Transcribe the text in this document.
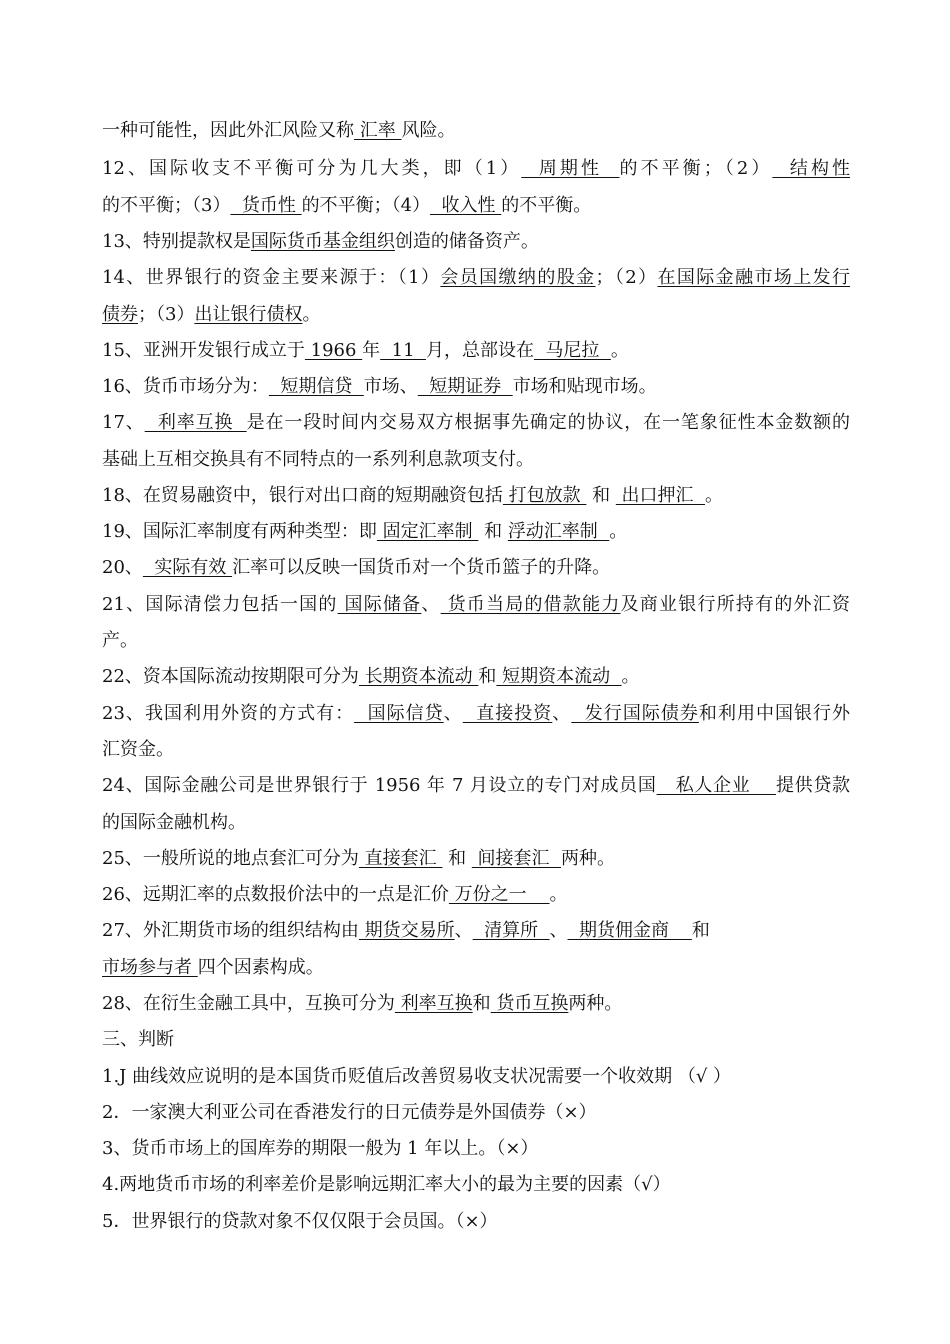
一种可能性，因此外汇风险又称 汇率 风险。
12、国际收支不平衡可分为几大类，即（1）  周期性  的不平衡；（2）  结构性
的不平衡；（3）  货币性 的不平衡；（4）  收入性 的不平衡。
13、特别提款权是国际货币基金组织创造的储备资产。
14、世界银行的资金主要来源于：（1）会员国缴纳的股金；（2）在国际金融市场上发行
债券；（3）出让银行债权。
15、亚洲开发银行成立于 1966 年  11  月，总部设在  马尼拉  。
16、货币市场分为：  短期信贷  市场、  短期证券  市场和贴现市场。
17、  利率互换  是在一段时间内交易双方根据事先确定的协议，在一笔象征性本金数额的
基础上互相交换具有不同特点的一系列利息款项支付。
18、在贸易融资中，银行对出口商的短期融资包括 打包放款  和  出口押汇  。
19、国际汇率制度有两种类型：即 固定汇率制  和 浮动汇率制  。
20、  实际有效 汇率可以反映一国货币对一个货币篮子的升降。
21、国际清偿力包括一国的 国际储备、 货币当局的借款能力及商业银行所持有的外汇资
产。
22、资本国际流动按期限可分为 长期资本流动 和 短期资本流动  。
23、我国利用外资的方式有：  国际信贷、  直接投资、  发行国际债券和利用中国银行外
汇资金。
24、国际金融公司是世界银行于 1956 年 7 月设立的专门对成员国   私人企业    提供贷款
的国际金融机构。
25、一般所说的地点套汇可分为 直接套汇  和  间接套汇  两种。
26、远期汇率的点数报价法中的一点是汇价 万份之一    。
27、外汇期货市场的组织结构由 期货交易所、  清算所  、  期货佣金商    和
市场参与者 四个因素构成。
28、在衍生金融工具中，互换可分为 利率互换和 货币互换两种。
三、判断
1.J 曲线效应说明的是本国货币贬值后改善贸易收支状况需要一个收效期 （√ ）
2．一家澳大利亚公司在香港发行的日元债券是外国债券（×）
3、货币市场上的国库券的期限一般为 1 年以上。（×）
4.两地货币市场的利率差价是影响远期汇率大小的最为主要的因素（√）
5．世界银行的贷款对象不仅仅限于会员国。（×）
